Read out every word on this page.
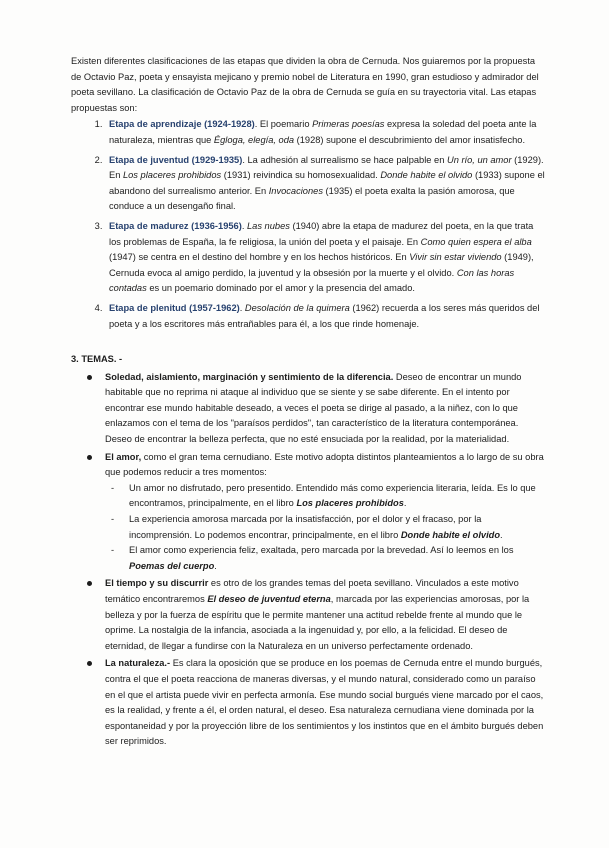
Existen diferentes clasificaciones de las etapas que dividen la obra de Cernuda. Nos guiaremos por la propuesta de Octavio Paz, poeta y ensayista mejicano y premio nobel de Literatura en 1990, gran estudioso y admirador del poeta sevillano. La clasificación de Octavio Paz de la obra de Cernuda se guía en su trayectoria vital. Las etapas propuestas son:

1. Etapa de aprendizaje (1924-1928). El poemario Primeras poesías expresa la soledad del poeta ante la naturaleza, mientras que Égloga, elegía, oda (1928) supone el descubrimiento del amor insatisfecho.
2. Etapa de juventud (1929-1935). La adhesión al surrealismo se hace palpable en Un río, un amor (1929). En Los placeres prohibidos (1931) reivindica su homosexualidad. Donde habite el olvido (1933) supone el abandono del surrealismo anterior. En Invocaciones (1935) el poeta exalta la pasión amorosa, que conduce a un desengaño final.
3. Etapa de madurez (1936-1956). Las nubes (1940) abre la etapa de madurez del poeta, en la que trata los problemas de España, la fe religiosa, la unión del poeta y el paisaje. En Como quien espera el alba (1947) se centra en el destino del hombre y en los hechos históricos. En Vivir sin estar viviendo (1949), Cernuda evoca al amigo perdido, la juventud y la obsesión por la muerte y el olvido. Con las horas contadas es un poemario dominado por el amor y la presencia del amado.
4. Etapa de plenitud (1957-1962). Desolación de la quimera (1962) recuerda a los seres más queridos del poeta y a los escritores más entrañables para él, a los que rinde homenaje.

3. TEMAS. -

Soledad, aislamiento, marginación y sentimiento de la diferencia. Deseo de encontrar un mundo habitable que no reprima ni ataque al individuo que se siente y se sabe diferente. En el intento por encontrar ese mundo habitable deseado, a veces el poeta se dirige al pasado, a la niñez, con lo que enlazamos con el tema de los "paraísos perdidos", tan característico de la literatura contemporánea. Deseo de encontrar la belleza perfecta, que no esté ensuciada por la realidad, por la materialidad.
El amor, como el gran tema cernudiano. Este motivo adopta distintos planteamientos a lo largo de su obra que podemos reducir a tres momentos:
- Un amor no disfrutado, pero presentido. Entendido más como experiencia literaria, leída. Es lo que encontramos, principalmente, en el libro Los placeres prohibidos.
- La experiencia amorosa marcada por la insatisfacción, por el dolor y el fracaso, por la incomprensión. Lo podemos encontrar, principalmente, en el libro Donde habite el olvido.
- El amor como experiencia feliz, exaltada, pero marcada por la brevedad. Así lo leemos en los Poemas del cuerpo.
El tiempo y su discurrir es otro de los grandes temas del poeta sevillano. Vinculados a este motivo temático encontraremos El deseo de juventud eterna, marcada por las experiencias amorosas, por la belleza y por la fuerza de espíritu que le permite mantener una actitud rebelde frente al mundo que le oprime. La nostalgia de la infancia, asociada a la ingenuidad y, por ello, a la felicidad. El deseo de eternidad, de llegar a fundirse con la Naturaleza en un universo perfectamente ordenado.
La naturaleza.- Es clara la oposición que se produce en los poemas de Cernuda entre el mundo burgués, contra el que el poeta reacciona de maneras diversas, y el mundo natural, considerado como un paraíso en el que el artista puede vivir en perfecta armonía. Ese mundo social burgués viene marcado por el caos, es la realidad, y frente a él, el orden natural, el deseo. Esa naturaleza cernudiana viene dominada por la espontaneidad y por la proyección libre de los sentimientos y los instintos que en el ámbito burgués deben ser reprimidos.
